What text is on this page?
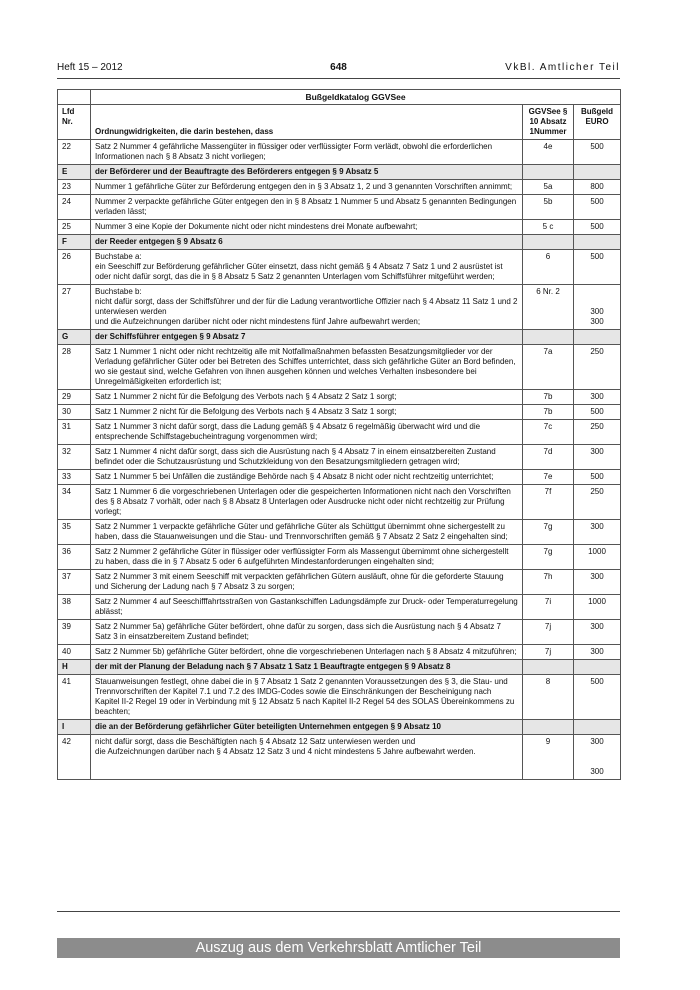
Heft 15 – 2012	648	VkBl. Amtlicher Teil
	Bußgeldkatalog GGVSee		
Lfd Nr.	Ordnungwidrigkeiten, die darin bestehen, dass	GGVSee § 10 Absatz 1Nummer	Bußgeld EURO
22	Satz 2 Nummer 4 gefährliche Massengüter in flüssiger oder verflüssigter Form verlädt, obwohl die erforderlichen Informationen nach § 8 Absatz 3 nicht vorliegen;	4e	500

E	der Beförderer und der Beauftragte des Beförderers entgegen § 9 Absatz 5		

23	Nummer 1 gefährliche Güter zur Beförderung entgegen den in § 3 Absatz 1, 2 und 3 genannten Vorschriften annimmt;	5a	800

24	Nummer 2 verpackte gefährliche Güter entgegen den in § 8 Absatz 1 Nummer 5 und Absatz 5 genannten Bedingungen verladen lässt;	5b	500

25	Nummer 3 eine Kopie der Dokumente nicht oder nicht mindestens drei Monate aufbewahrt;	5 c	500

F	der Reeder entgegen § 9 Absatz 6		

26	Buchstabe a:
ein Seeschiff zur Beförderung gefährlicher Güter einsetzt, dass nicht gemäß § 4 Absatz 7 Satz 1 und 2 ausrüstet ist oder nicht dafür sorgt, das die in § 8 Absatz 5 Satz 2 genannten Unterlagen vom Schiffsführer mitgeführt werden;	6	500

27	Buchstabe b:
nicht dafür sorgt, dass der Schiffsführer und der für die Ladung verantwortliche Offizier nach § 4 Absatz 11 Satz 1 und 2 unterwiesen werden
und die Aufzeichnungen darüber nicht oder nicht mindestens fünf Jahre aufbewahrt werden;	6 Nr. 2	300
300

G	der Schiffsführer entgegen § 9 Absatz 7		

28	Satz 1 Nummer 1 nicht oder nicht rechtzeitig alle mit Notfallmaßnahmen befassten Besatzungsmitglieder vor der Verladung gefährlicher Güter oder bei Betreten des Schiffes unterrichtet, dass sich gefährliche Güter an Bord befinden, wo sie gestaut sind, welche Gefahren von ihnen ausgehen können und welches Verhalten insbesondere bei Unregelmäßigkeiten erforderlich ist;	7a	250

29	Satz 1 Nummer 2 nicht für die Befolgung des Verbots nach § 4 Absatz 2 Satz 1 sorgt;	7b	300

30	Satz 1 Nummer 2 nicht für die Befolgung des Verbots nach § 4 Absatz 3 Satz 1 sorgt;	7b	500

31	Satz 1 Nummer 3 nicht dafür sorgt, dass die Ladung gemäß § 4 Absatz 6 regelmäßig überwacht wird und die entsprechende Schiffstagebucheintragung vorgenommen wird;	7c	250

32	Satz 1 Nummer 4 nicht dafür sorgt, dass sich die Ausrüstung nach § 4 Absatz 7 in einem einsatzbereiten Zustand befindet oder die Schutzausrüstung und Schutzkleidung von den Besatzungsmitgliedern getragen wird;	7d	300

33	Satz 1 Nummer 5 bei Unfällen die zuständige Behörde nach § 4 Absatz 8 nicht oder nicht rechtzeitig unterrichtet;	7e	500

34	Satz 1 Nummer 6 die vorgeschriebenen Unterlagen oder die gespeicherten Informationen nicht nach den Vorschriften des § 8 Absatz 7 vorhält, oder nach § 8 Absatz 8 Unterlagen oder Ausdrucke nicht oder nicht rechtzeitig zur Prüfung vorlegt;	7f	250

35	Satz 2 Nummer 1 verpackte gefährliche Güter und gefährliche Güter als Schüttgut übernimmt ohne sichergestellt zu haben, dass die Stauanweisungen und die Stau- und Trennvorschriften gemäß § 7 Absatz 2 Satz 2 eingehalten sind;	7g	300

36	Satz 2 Nummer 2 gefährliche Güter in flüssiger oder verflüssigter Form als Massengut übernimmt ohne sichergestellt zu haben, dass die in § 7 Absatz 5 oder 6 aufgeführten Mindestanforderungen eingehalten sind;	7g	1000

37	Satz 2 Nummer 3 mit einem Seeschiff mit verpackten gefährlichen Gütern ausläuft, ohne für die geforderte Stauung und Sicherung der Ladung nach § 7 Absatz 3 zu sorgen;	7h	300

38	Satz 2 Nummer 4 auf Seeschifffahrtsstraßen von Gastankschiffen Ladungsdämpfe zur Druck- oder Temperaturregelung ablässt;	7i	1000

39	Satz 2 Nummer 5a) gefährliche Güter befördert, ohne dafür zu sorgen, dass sich die Ausrüstung nach § 4 Absatz 7 Satz 3 in einsatzbereitem Zustand befindet;	7j	300

40	Satz 2 Nummer 5b) gefährliche Güter befördert, ohne die vorgeschriebenen Unterlagen nach § 8 Absatz 4 mitzuführen;	7j	300

H	der mit der Planung der Beladung nach § 7 Absatz 1 Satz 1 Beauftragte entgegen § 9 Absatz 8		

41	Stauanweisungen festlegt, ohne dabei die in § 7 Absatz 1 Satz 2 genannten Voraussetzungen des § 3, die Stau- und Trennvorschriften der Kapitel 7.1 und 7.2 des IMDG-Codes sowie die Einschränkungen der Bescheinigung nach Kapitel II-2 Regel 19 oder in Verbindung mit § 12 Absatz 5 nach Kapitel II-2 Regel 54 des SOLAS Übereinkommens zu beachten;	8	500

I	die an der Beförderung gefährlicher Güter beteiligten Unternehmen entgegen § 9 Absatz 10		

42	nicht dafür sorgt, dass die Beschäftigten nach § 4 Absatz 12 Satz unterwiesen werden und
die Aufzeichnungen darüber nach § 4 Absatz 12 Satz 3 und 4 nicht mindestens 5 Jahre aufbewahrt werden.	9	300

300
Auszug aus dem Verkehrsblatt Amtlicher Teil
